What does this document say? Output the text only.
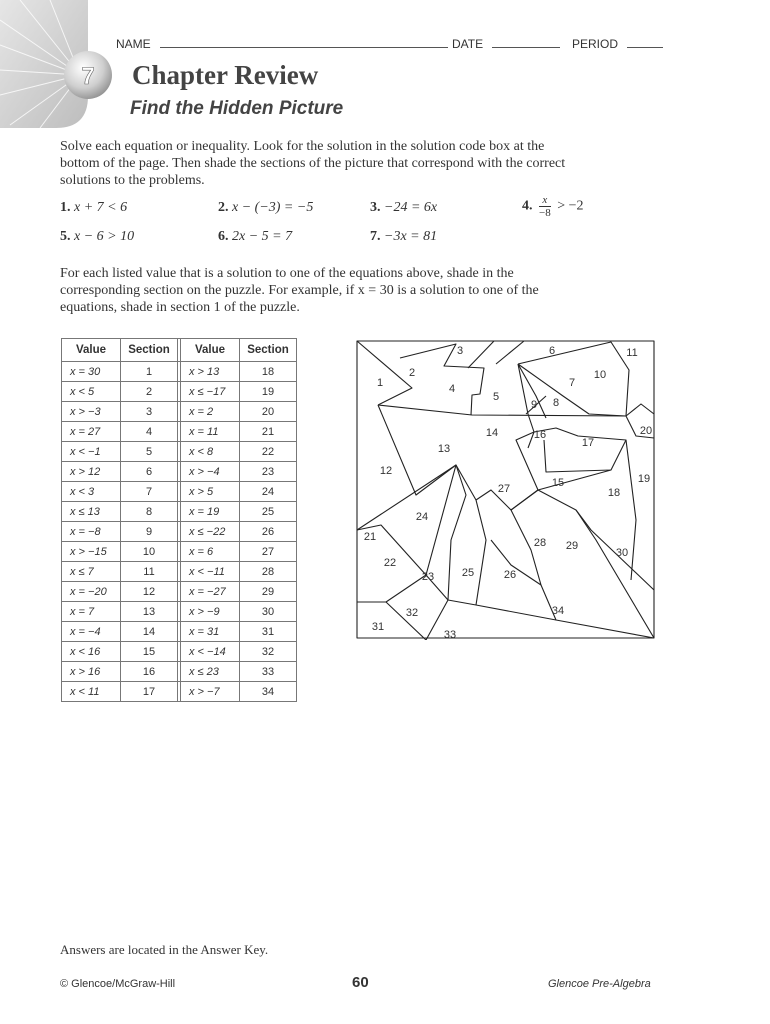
7
NAME	DATE	PERIOD
Chapter Review
Find the Hidden Picture
Solve each equation or inequality. Look for the solution in the solution code box at the bottom of the page. Then shade the sections of the picture that correspond with the correct solutions to the problems.
1. x + 7 < 6	2. x − (−3) = −5	3. −24 = 6x	4. $\frac{x}{-8} > -2$
5. x − 6 > 10	6. 2x − 5 = 7	7. −3x = 81
For each listed value that is a solution to one of the equations above, shade in the corresponding section on the puzzle. For example, if x = 30 is a solution to one of the equations, shade in section 1 of the puzzle.
Value	Section		Value	Section
x = 30	1		x > 13	18
x < 5	2		x ≤ −17	19
x > −3	3		x = 2	20
x = 27	4		x = 11	21
x < −1	5		x < 8	22
x > 12	6		x > −4	23
x < 3	7		x > 5	24
x ≤ 13	8		x = 19	25
x = −8	9		x ≤ −22	26
x > −15	10		x = 6	27
x ≤ 7	11		x < −11	28
x = −20	12		x = −27	29
x = 7	13		x > −9	30
x = −4	14		x = 31	31
x < 16	15		x < −14	32
x > 16	16		x ≤ 23	33
x < 11	17		x > −7	34
1
2
3
4
5
6
7
8
9
10
11
12
13
14
15
16
17
18
19
20
21
22
23
24
25	26
27
28 29
30
31
32
33
34
Answers are located in the Answer Key.
© Glencoe/McGraw-Hill	60	Glencoe Pre-Algebra
